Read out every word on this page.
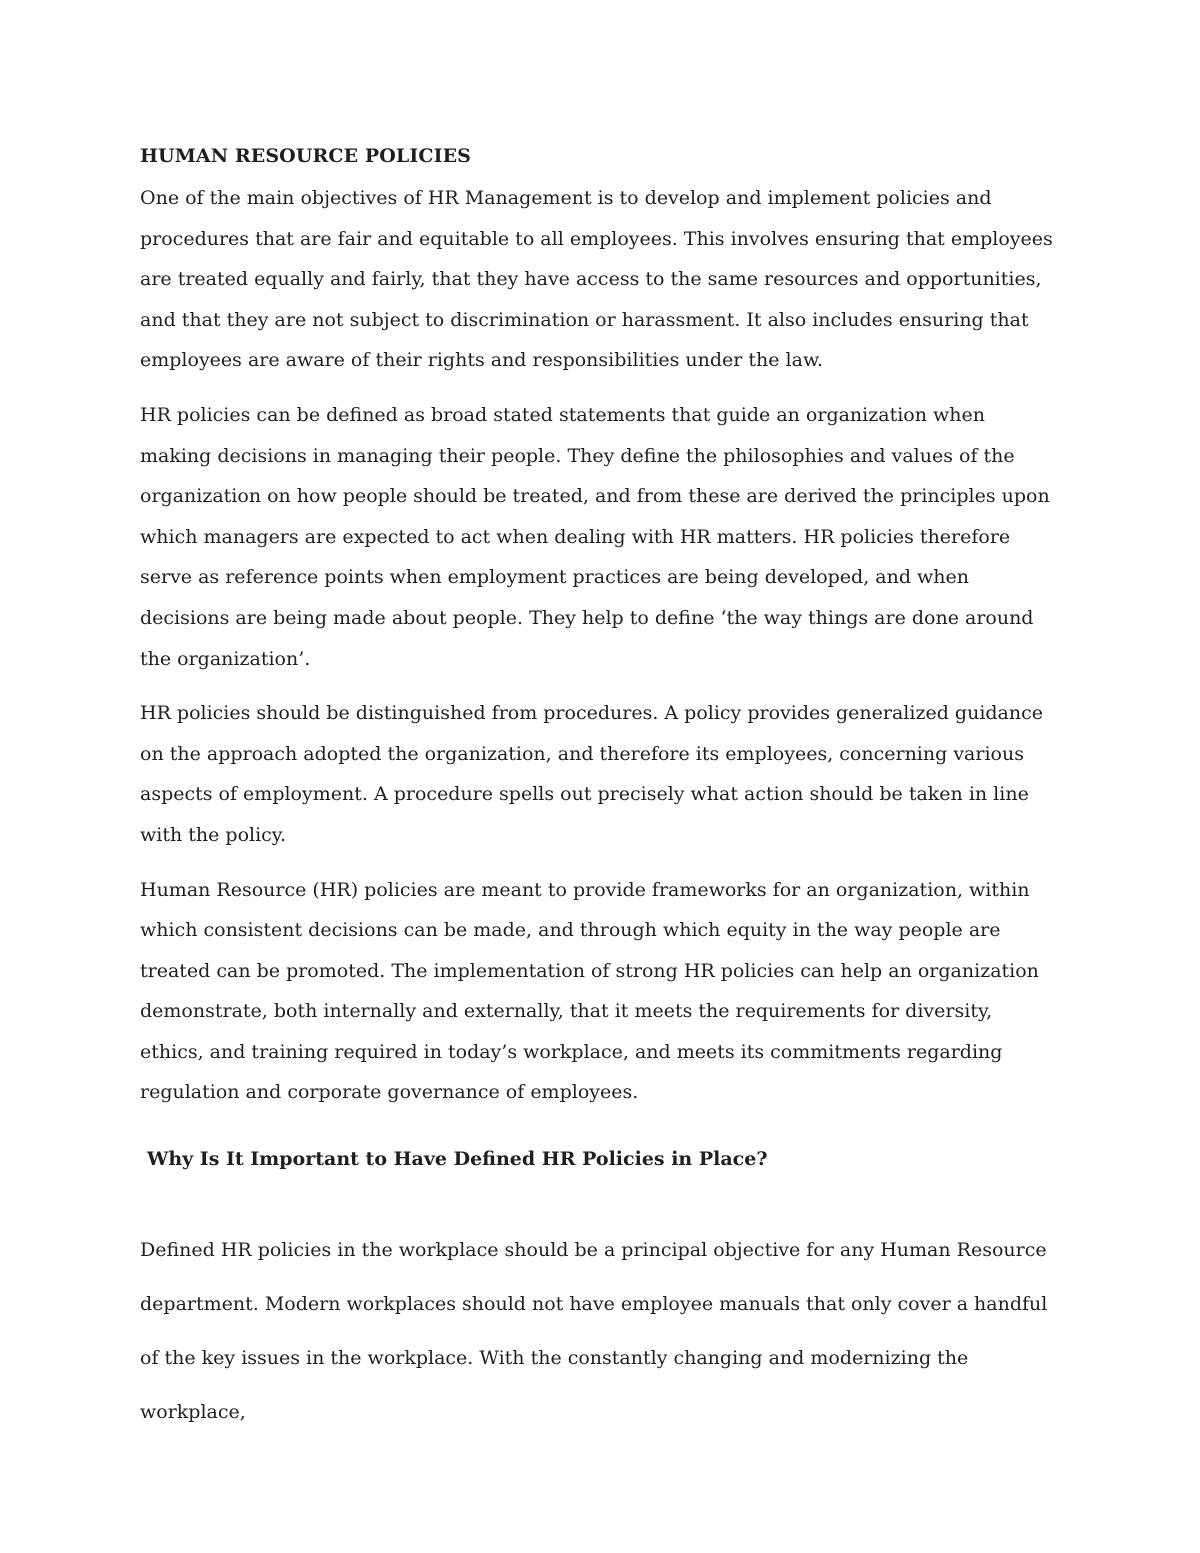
HUMAN RESOURCE POLICIES

One of the main objectives of HR Management is to develop and implement policies and procedures that are fair and equitable to all employees. This involves ensuring that employees are treated equally and fairly, that they have access to the same resources and opportunities, and that they are not subject to discrimination or harassment. It also includes ensuring that employees are aware of their rights and responsibilities under the law.

HR policies can be defined as broad stated statements that guide an organization when making decisions in managing their people. They define the philosophies and values of the organization on how people should be treated, and from these are derived the principles upon which managers are expected to act when dealing with HR matters. HR policies therefore serve as reference points when employment practices are being developed, and when decisions are being made about people. They help to define ‘the way things are done around the organization’.

HR policies should be distinguished from procedures. A policy provides generalized guidance on the approach adopted the organization, and therefore its employees, concerning various aspects of employment. A procedure spells out precisely what action should be taken in line with the policy.

Human Resource (HR) policies are meant to provide frameworks for an organization, within which consistent decisions can be made, and through which equity in the way people are treated can be promoted. The implementation of strong HR policies can help an organization demonstrate, both internally and externally, that it meets the requirements for diversity, ethics, and training required in today’s workplace, and meets its commitments regarding regulation and corporate governance of employees.

Why Is It Important to Have Defined HR Policies in Place?

Defined HR policies in the workplace should be a principal objective for any Human Resource department. Modern workplaces should not have employee manuals that only cover a handful of the key issues in the workplace. With the constantly changing and modernizing the workplace,
